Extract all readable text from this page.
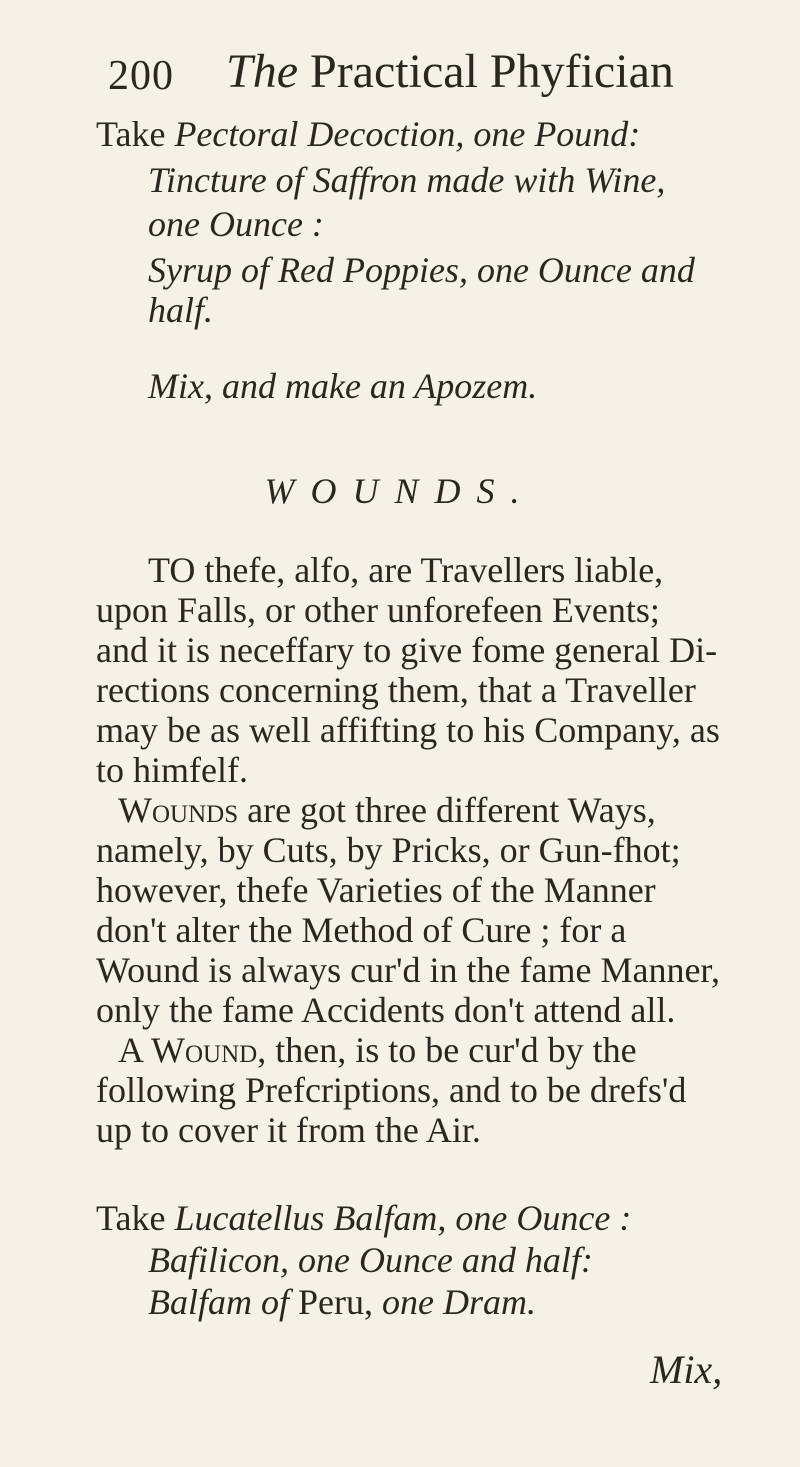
200 The Practical Phyfician
Take Pectoral Decoction, one Pound:
Tincture of Saffron made with Wine,
one Ounce :
Syrup of Red Poppies, one Ounce and
half.
Mix, and make an Apozem.
WOUNDS.
TO thefe, alfo, are Travellers liable,
upon Falls, or other unforefeen Events;
and it is neceffary to give fome general Di-
rections concerning them, that a Traveller
may be as well affifting to his Company, as
to himfelf.
Wounds are got three different Ways,
namely, by Cuts, by Pricks, or Gun-fhot;
however, thefe Varieties of the Manner
don't alter the Method of Cure ; for a
Wound is always cur'd in the fame Manner,
only the fame Accidents don't attend all.
A Wound, then, is to be cur'd by the
following Prefcriptions, and to be drefs'd
up to cover it from the Air.
Take Lucatellus Balfam, one Ounce :
Bafilicon, one Ounce and half:
Balfam of Peru, one Dram.
Mix,
